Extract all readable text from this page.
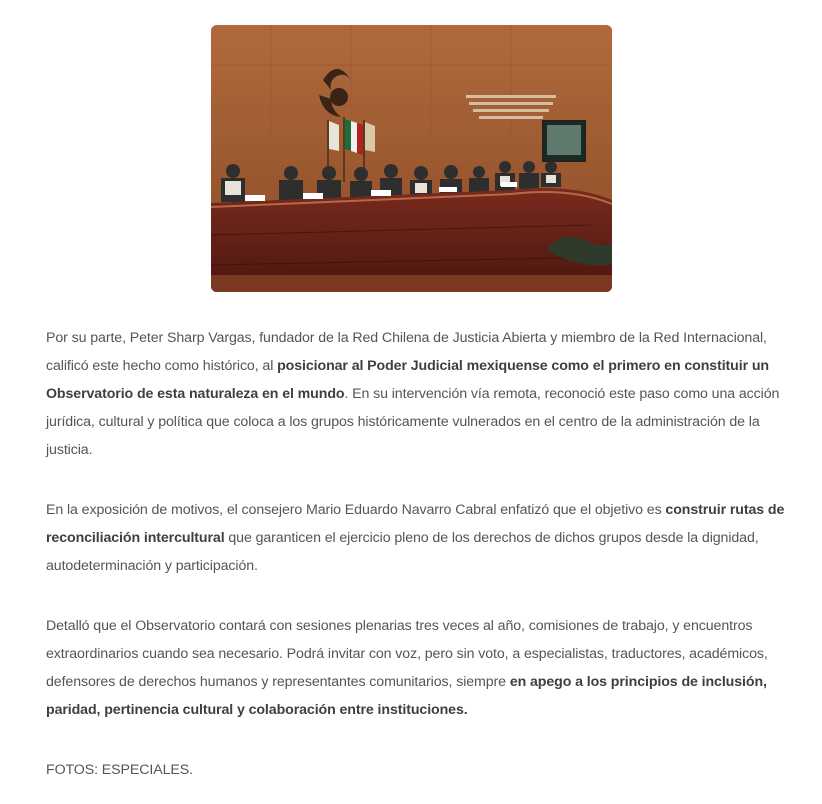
Por su parte, Peter Sharp Vargas, fundador de la Red Chilena de Justicia Abierta y miembro de la Red Internacional, calificó este hecho como histórico, al posicionar al Poder Judicial mexiquense como el primero en constituir un Observatorio de esta naturaleza en el mundo. En su intervención vía remota, reconoció este paso como una acción jurídica, cultural y política que coloca a los grupos históricamente vulnerados en el centro de la administración de la justicia.

En la exposición de motivos, el consejero Mario Eduardo Navarro Cabral enfatizó que el objetivo es construir rutas de reconciliación intercultural que garanticen el ejercicio pleno de los derechos de dichos grupos desde la dignidad, autodeterminación y participación.

Detalló que el Observatorio contará con sesiones plenarias tres veces al año, comisiones de trabajo, y encuentros extraordinarios cuando sea necesario. Podrá invitar con voz, pero sin voto, a especialistas, traductores, académicos, defensores de derechos humanos y representantes comunitarios, siempre en apego a los principios de inclusión, paridad, pertinencia cultural y colaboración entre instituciones.

FOTOS: ESPECIALES.
